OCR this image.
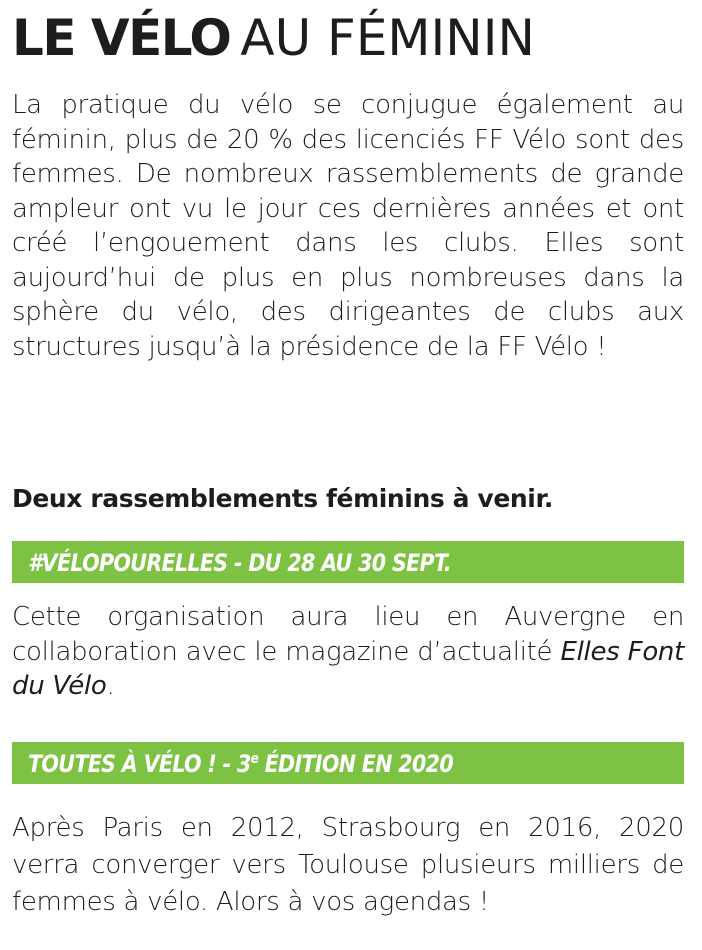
LE VÉLO AU FÉMININ

La pratique du vélo se conjugue également au féminin, plus de 20 % des licenciés FF Vélo sont des femmes. De nombreux rassemblements de grande ampleur ont vu le jour ces dernières années et ont créé l’engouement dans les clubs. Elles sont aujourd’hui de plus en plus nombreuses dans la sphère du vélo, des dirigeantes de clubs aux structures jusqu’à la présidence de la FF Vélo !

Deux rassemblements féminins à venir.
#VÉLOPOURELLES - DU 28 AU 30 SEPT.

Cette organisation aura lieu en Auvergne en collaboration avec le magazine d’actualité Elles Font du Vélo.

TOUTES À VÉLO ! - 3e ÉDITION EN 2020

Après Paris en 2012, Strasbourg en 2016, 2020 verra converger vers Toulouse plusieurs milliers de femmes à vélo. Alors à vos agendas !
